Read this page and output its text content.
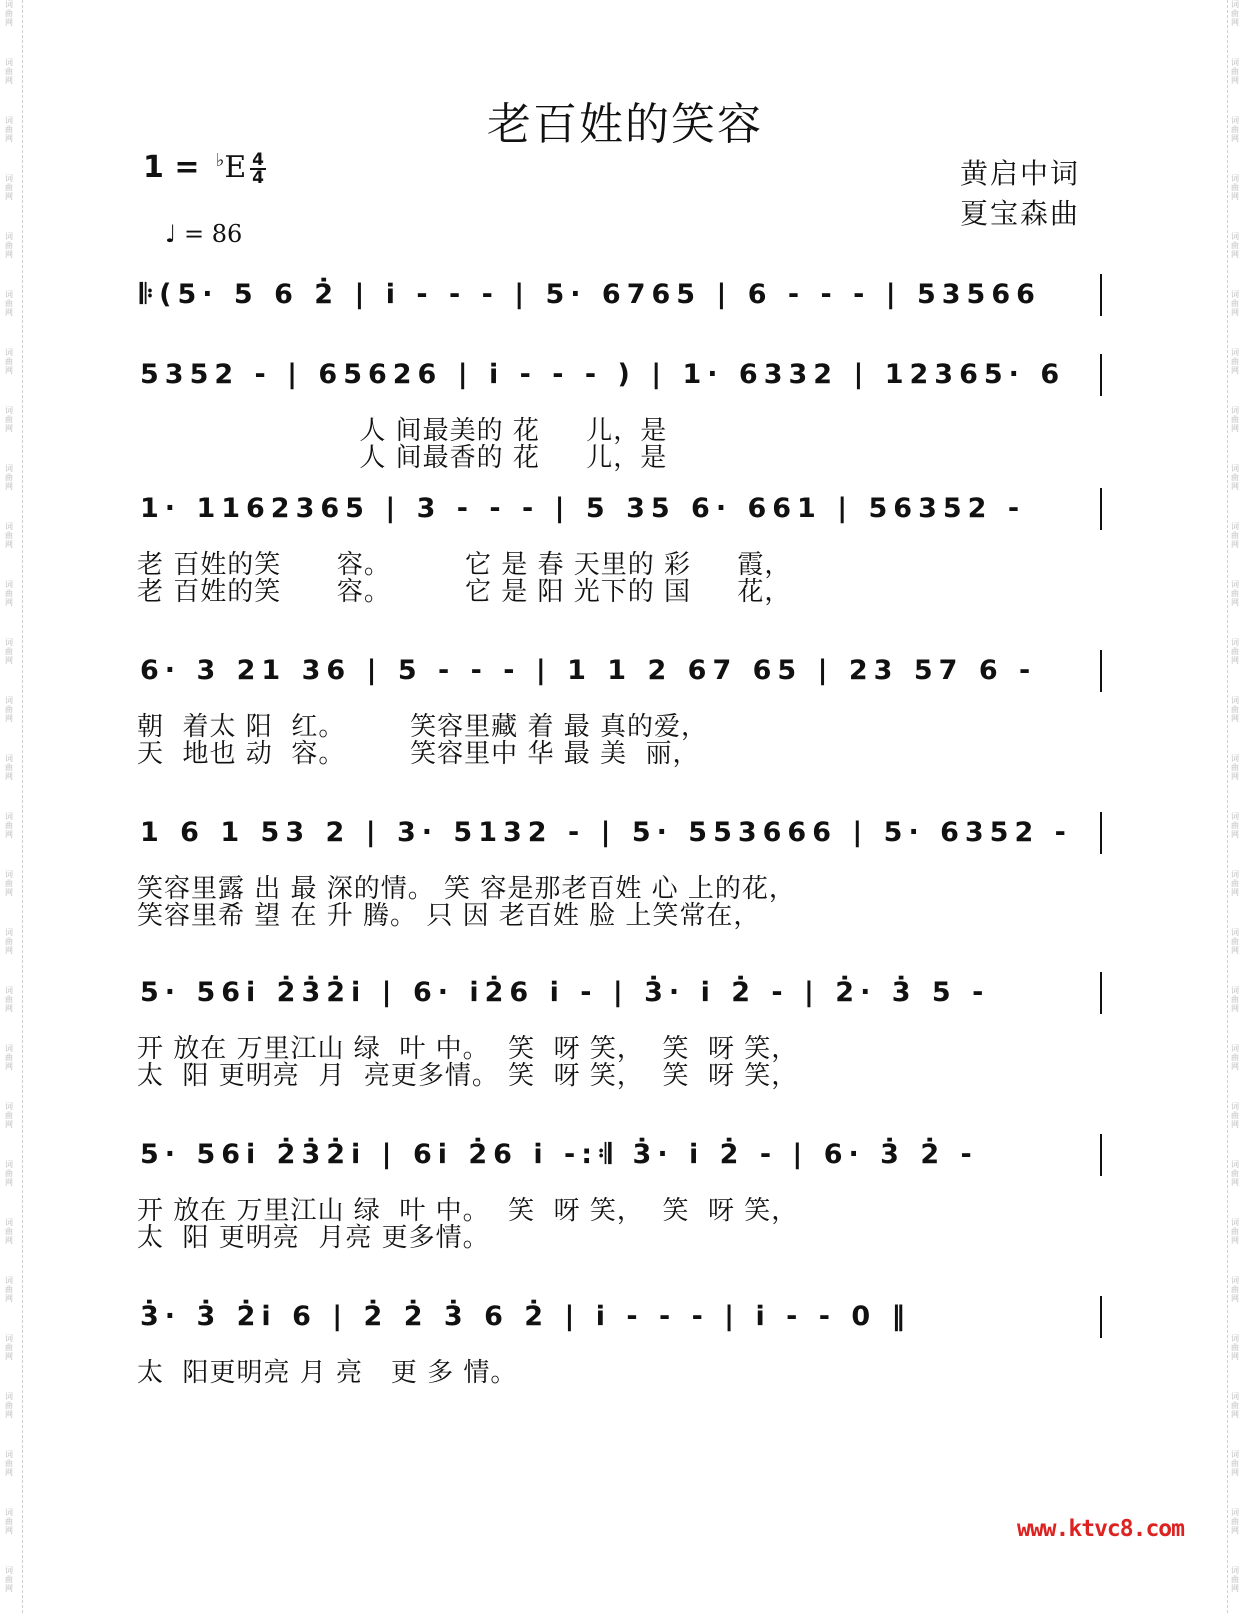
词
曲
网
词
曲
网
词
曲
网
词
曲
网
词
曲
网
词
曲
网
词
曲
网
词
曲
网
词
曲
网
词
曲
网
词
曲
网
词
曲
网
词
曲
网
词
曲
网
词
曲
网
词
曲
网
词
曲
网
词
曲
网
词
曲
网
词
曲
网
词
曲
网
词
曲
网
词
曲
网
词
曲
网
词
曲
网
词
曲
网
词
曲
网
词
曲
网
词
曲
网
词
曲
网
词
曲
网
词
曲
网
词
曲
网
词
曲
网
词
曲
网
词
曲
网
词
曲
网
词
曲
网
词
曲
网
词
曲
网
词
曲
网
词
曲
网
词
曲
网
词
曲
网
词
曲
网
词
曲
网
词
曲
网
词
曲
网
词
曲
网
词
曲
网
词
曲
网
词
曲
网
词
曲
网
词
曲
网
词
曲
网
词
曲
网
老百姓的笑容
1 = ♭E 4
4
♩ = 86
黄启中词
夏宝森曲
𝄆(5· 5 6 2̇ | i̇ - - - | 5· 6765 | 6 - - - | 53566
5352 - | 65626 | i̇ - - - ) | 1· 6332 | 12365· 6
人 间最美的 花     儿，是
人 间最香的 花     儿，是
1· 1162365 | 3 - - - | 5 35 6· 661 | 56352 -
老 百姓的笑      容。        它 是 春 天里的 彩     霞，
老 百姓的笑      容。        它 是 阳 光下的 国     花，
6· 3 21 36 | 5 - - - | 1 1 2 67 65 | 23 57 6 -
朝  着太 阳  红。       笑容里藏 着 最 真的爱，
天  地也 动  容。       笑容里中 华 最 美  丽，
1 6 1 53 2 | 3· 5132 - | 5· 553666 | 5· 6352 -
笑容里露 出 最 深的情。 笑 容是那老百姓 心 上的花，
笑容里希 望 在 升 腾。 只 因 老百姓 脸 上笑常在，
5· 56i̇ 2̇3̇2̇i̇ | 6· i̇2̇6 i̇ - | 3̇· i̇ 2̇ - | 2̇· 3̇ 5 -
开 放在 万里江山 绿  叶 中。  笑  呀 笑，  笑  呀 笑，
太  阳 更明亮  月  亮更多情。 笑  呀 笑，  笑  呀 笑，
5· 56i̇ 2̇3̇2̇i̇ | 6i̇ 2̇6 i̇ -:𝄇 3̇· i̇ 2̇ - | 6· 3̇ 2̇ -
开 放在 万里江山 绿  叶 中。  笑  呀 笑，  笑  呀 笑，
太  阳 更明亮  月亮 更多情。
3̇· 3̇ 2̇i̇ 6 | 2̇ 2̇ 3̇ 6 2̇ | i̇ - - - | i̇ - - 0 ‖
太  阳更明亮 月 亮   更 多 情。
www.ktvc8.com
